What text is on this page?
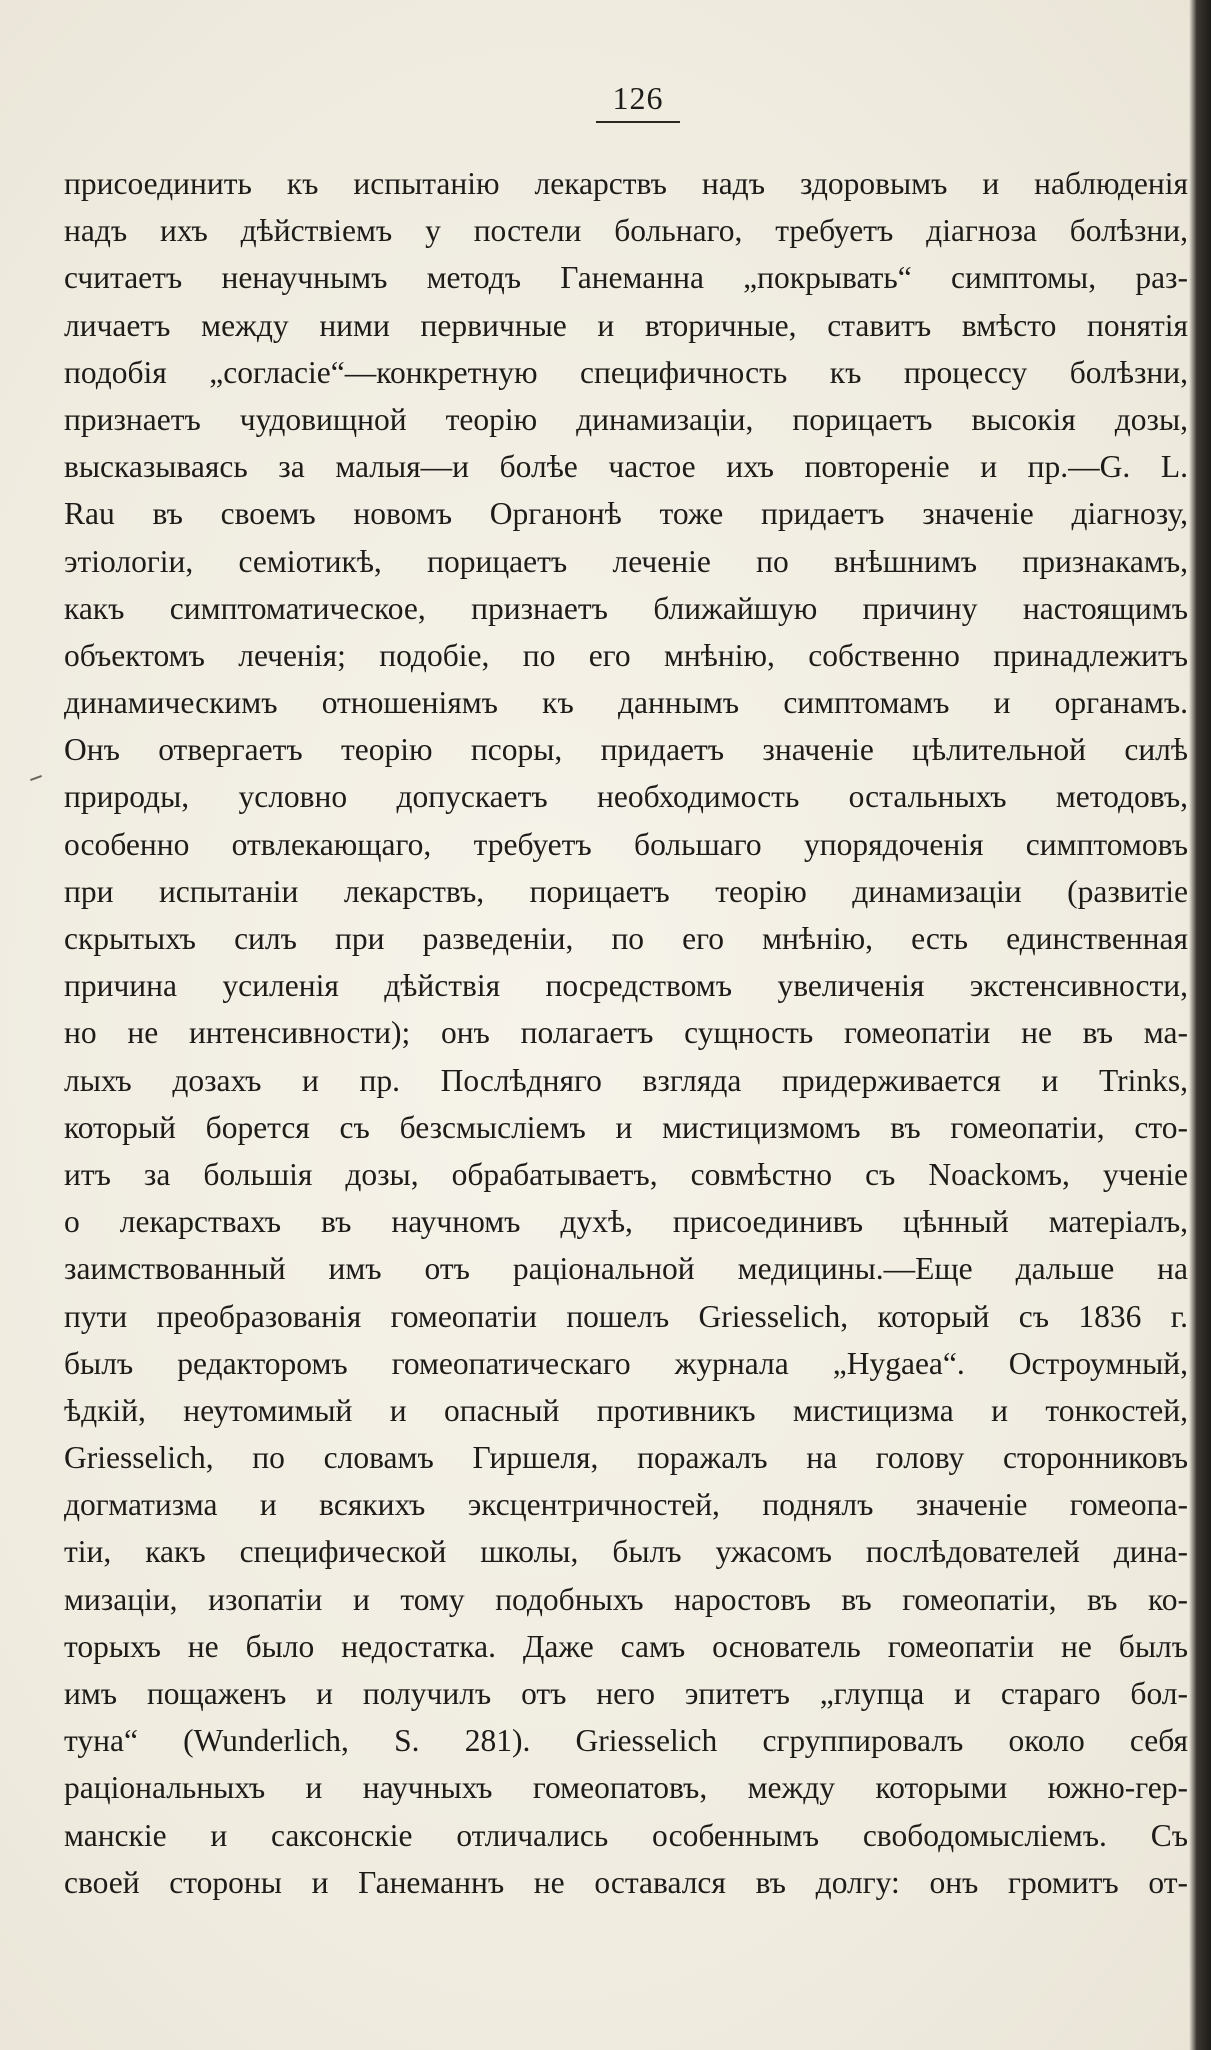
126
присоединить къ испытанію лекарствъ надъ здоровымъ и наблюденія
надъ ихъ дѣйствіемъ у постели больнаго, требуетъ діагноза болѣзни,
считаетъ ненаучнымъ методъ Ганеманна „покрывать“ симптомы, раз-
личаетъ между ними первичные и вторичные, ставитъ вмѣсто понятія
подобія „согласіе“—конкретную специфичность къ процессу болѣзни,
признаетъ чудовищной теорію динамизаціи, порицаетъ высокія дозы,
высказываясь за малыя—и болѣе частое ихъ повтореніе и пр.—G. L.
Rau въ своемъ новомъ Органонѣ тоже придаетъ значеніе діагнозу,
этіологіи, семіотикѣ, порицаетъ леченіе по внѣшнимъ признакамъ,
какъ симптоматическое, признаетъ ближайшую причину настоящимъ
объектомъ леченія; подобіе, по его мнѣнію, собственно принадлежитъ
динамическимъ отношеніямъ къ даннымъ симптомамъ и органамъ.
Онъ отвергаетъ теорію псоры, придаетъ значеніе цѣлительной силѣ
природы, условно допускаетъ необходимость остальныхъ методовъ,
особенно отвлекающаго, требуетъ большаго упорядоченія симптомовъ
при испытаніи лекарствъ, порицаетъ теорію динамизаціи (развитіе
скрытыхъ силъ при разведеніи, по его мнѣнію, есть единственная
причина усиленія дѣйствія посредствомъ увеличенія экстенсивности,
но не интенсивности); онъ полагаетъ сущность гомеопатіи не въ ма-
лыхъ дозахъ и пр. Послѣдняго взгляда придерживается и Trinks,
который борется съ безсмысліемъ и мистицизмомъ въ гомеопатіи, сто-
итъ за большія дозы, обрабатываетъ, совмѣстно съ Noackомъ, ученіе
о лекарствахъ въ научномъ духѣ, присоединивъ цѣнный матеріалъ,
заимствованный имъ отъ раціональной медицины.—Еще дальше на
пути преобразованія гомеопатіи пошелъ Griesselich, который съ 1836 г.
былъ редакторомъ гомеопатическаго журнала „Hygaea“. Остроумный,
ѣдкій, неутомимый и опасный противникъ мистицизма и тонкостей,
Griesselich, по словамъ Гиршеля, поражалъ на голову сторонниковъ
догматизма и всякихъ эксцентричностей, поднялъ значеніе гомеопа-
тіи, какъ специфической школы, былъ ужасомъ послѣдователей дина-
мизаціи, изопатіи и тому подобныхъ наростовъ въ гомеопатіи, въ ко-
торыхъ не было недостатка. Даже самъ основатель гомеопатіи не былъ
имъ пощаженъ и получилъ отъ него эпитетъ „глупца и стараго бол-
туна“ (Wunderlich, S. 281). Griesselich сгруппировалъ около себя
раціональныхъ и научныхъ гомеопатовъ, между которыми южно-гер-
манскіе и саксонскіе отличались особеннымъ свободомысліемъ. Съ
своей стороны и Ганеманнъ не оставался въ долгу: онъ громитъ от-
